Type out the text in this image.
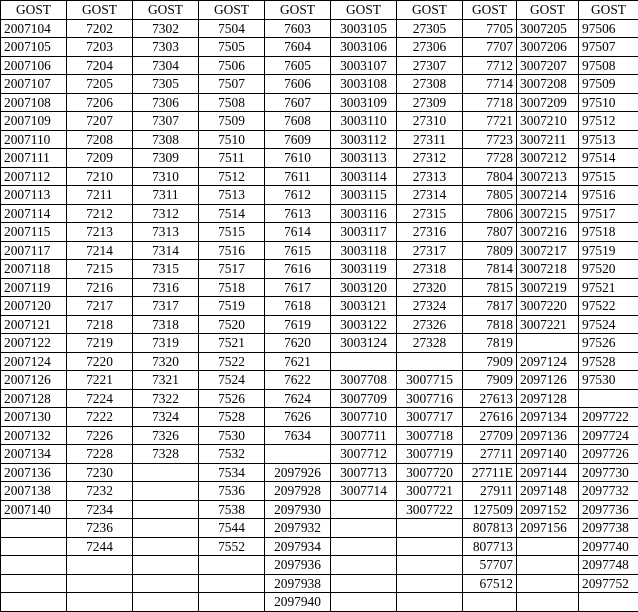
GOST	GOST	GOST	GOST	GOST	GOST	GOST	GOST	GOST	GOST
2007104	7202	7302	7504	7603	3003105	27305	7705	3007205	97506
2007105	7203	7303	7505	7604	3003106	27306	7707	3007206	97507
2007106	7204	7304	7506	7605	3003107	27307	7712	3007207	97508
2007107	7205	7305	7507	7606	3003108	27308	7714	3007208	97509
2007108	7206	7306	7508	7607	3003109	27309	7718	3007209	97510
2007109	7207	7307	7509	7608	3003110	27310	7721	3007210	97512
2007110	7208	7308	7510	7609	3003112	27311	7723	3007211	97513
2007111	7209	7309	7511	7610	3003113	27312	7728	3007212	97514
2007112	7210	7310	7512	7611	3003114	27313	7804	3007213	97515
2007113	7211	7311	7513	7612	3003115	27314	7805	3007214	97516
2007114	7212	7312	7514	7613	3003116	27315	7806	3007215	97517
2007115	7213	7313	7515	7614	3003117	27316	7807	3007216	97518
2007117	7214	7314	7516	7615	3003118	27317	7809	3007217	97519
2007118	7215	7315	7517	7616	3003119	27318	7814	3007218	97520
2007119	7216	7316	7518	7617	3003120	27320	7815	3007219	97521
2007120	7217	7317	7519	7618	3003121	27324	7817	3007220	97522
2007121	7218	7318	7520	7619	3003122	27326	7818	3007221	97524
2007122	7219	7319	7521	7620	3003124	27328	7819		97526
2007124	7220	7320	7522	7621			7909	2097124	97528
2007126	7221	7321	7524	7622	3007708	3007715	7909	2097126	97530
2007128	7224	7322	7526	7624	3007709	3007716	27613	2097128	
2007130	7222	7324	7528	7626	3007710	3007717	27616	2097134	2097722
2007132	7226	7326	7530	7634	3007711	3007718	27709	2097136	2097724
2007134	7228	7328	7532		3007712	3007719	27711	2097140	2097726
2007136	7230		7534	2097926	3007713	3007720	27711E	2097144	2097730
2007138	7232		7536	2097928	3007714	3007721	27911	2097148	2097732
2007140	7234		7538	2097930		3007722	127509	2097152	2097736
	7236		7544	2097932			807813	2097156	2097738
	7244		7552	2097934			807713		2097740
				2097936			57707		2097748
				2097938			67512		2097752
				2097940					
